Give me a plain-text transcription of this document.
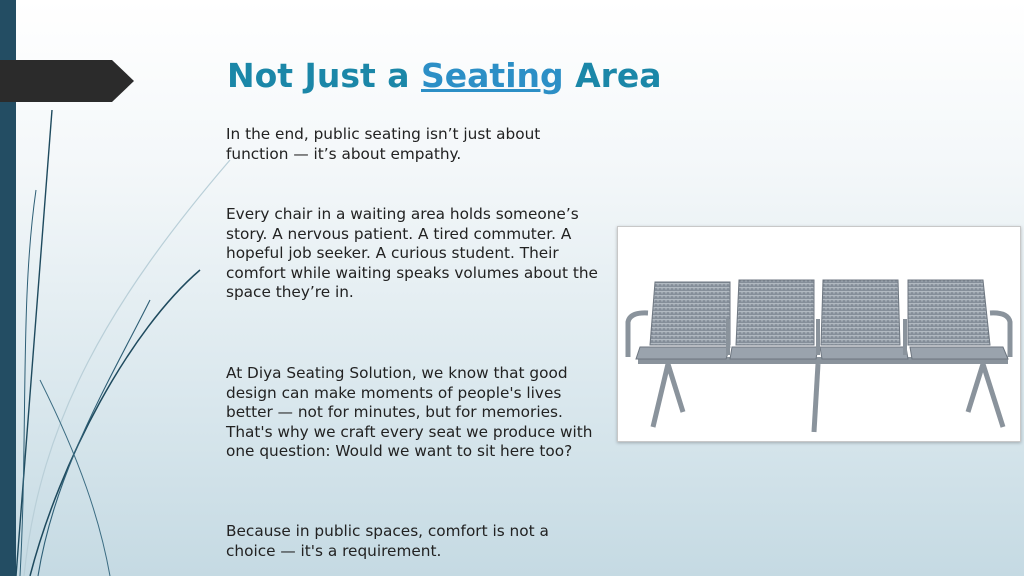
Not Just a Seating Area

In the end, public seating isn’t just about function — it’s about empathy.

Every chair in a waiting area holds someone’s story. A nervous patient. A tired commuter. A hopeful job seeker. A curious student. Their comfort while waiting speaks volumes about the space they’re in.

At Diya Seating Solution, we know that good design can make moments of people's lives better — not for minutes, but for memories. That's why we craft every seat we produce with one question: Would we want to sit here too?

Because in public spaces, comfort is not a choice — it's a requirement.
